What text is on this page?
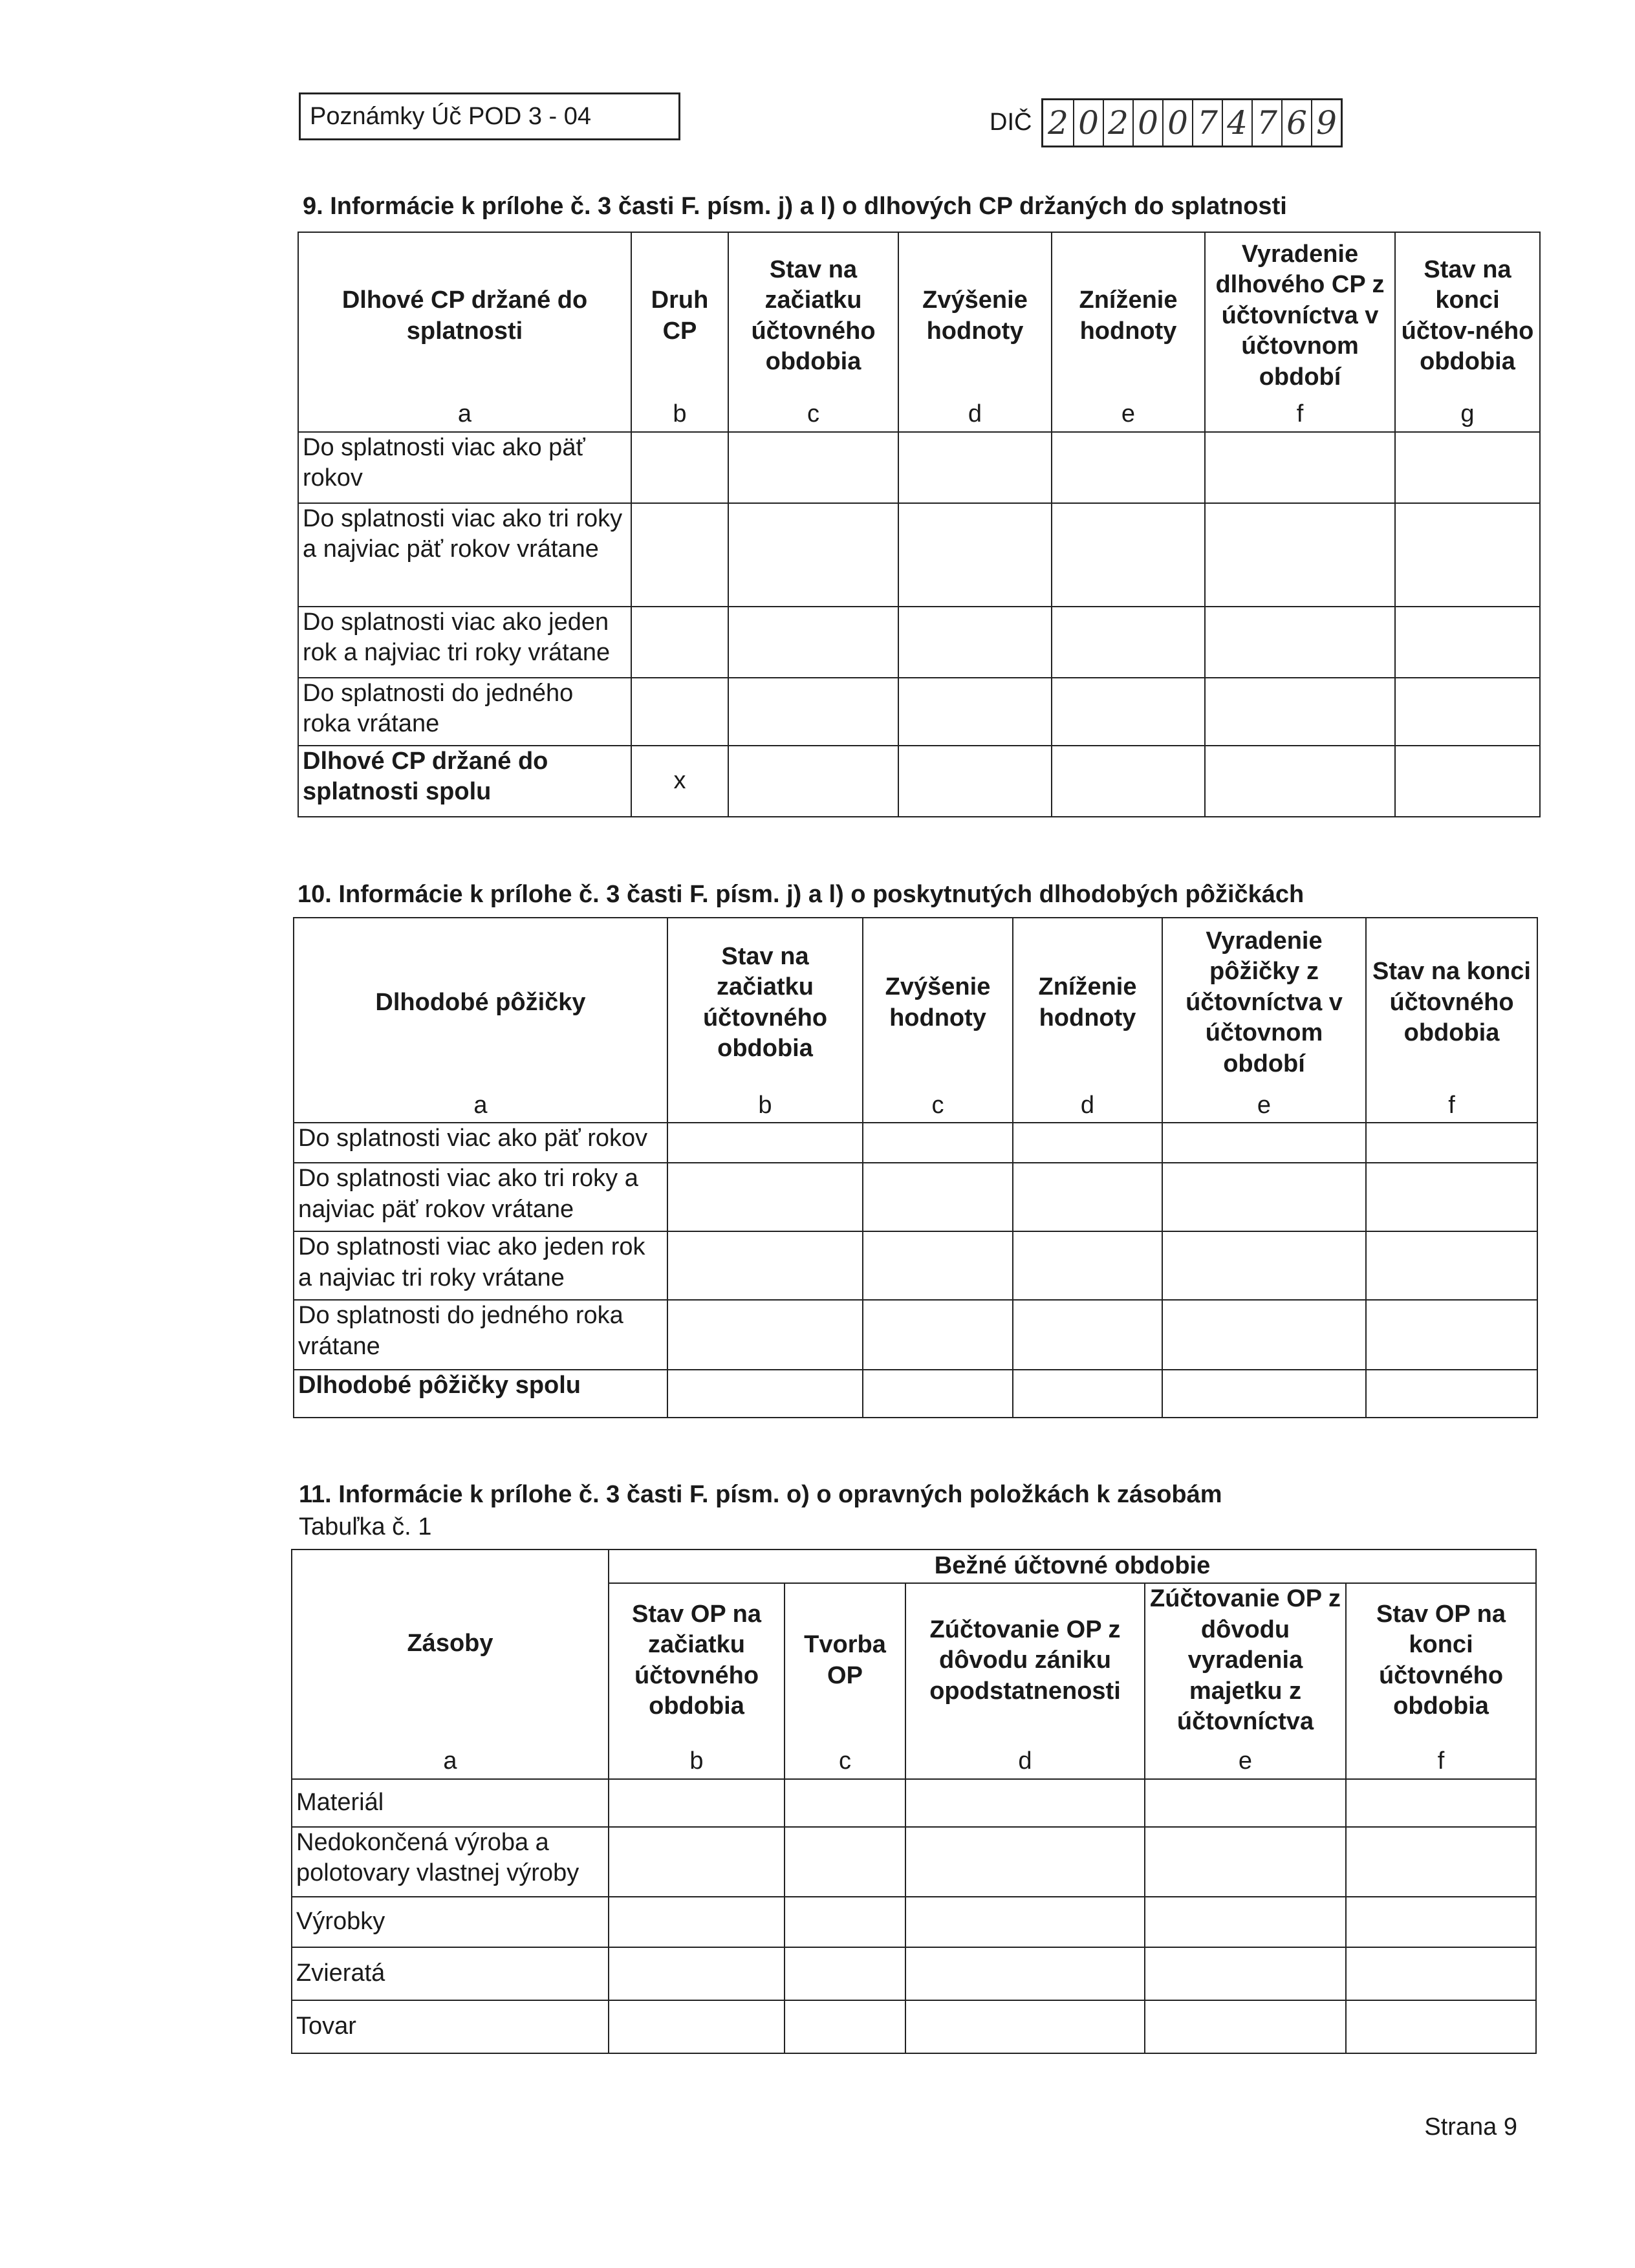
Poznámky Úč POD 3 - 04	DIČ 2 0 2 0 0 7 4 7 6 9
9. Informácie k prílohe č. 3 časti F. písm. j) a l) o dlhových CP držaných do splatnosti
Dlhové CP držané do splatnosti	Druh CP	Stav na začiatku účtovného obdobia	Zvýšenie hodnoty	Zníženie hodnoty	Vyradenie dlhového CP z účtovníctva v účtovnom období	Stav na konci účtov-ného obdobia
a	b	c	d	e	f	g
Do splatnosti viac ako päť rokov						
Do splatnosti viac ako tri roky a najviac päť rokov vrátane						
Do splatnosti viac ako jeden rok a najviac tri roky vrátane						
Do splatnosti do jedného roka vrátane						
Dlhové CP držané do splatnosti spolu	x					
10. Informácie k prílohe č. 3 časti F. písm. j) a l) o poskytnutých dlhodobých pôžičkách
Dlhodobé pôžičky	Stav na začiatku účtovného obdobia	Zvýšenie hodnoty	Zníženie hodnoty	Vyradenie pôžičky z účtovníctva v účtovnom období	Stav na konci účtovného obdobia
a	b	c	d	e	f
Do splatnosti viac ako päť rokov					
Do splatnosti viac ako tri roky a najviac päť rokov vrátane					
Do splatnosti viac ako jeden rok a najviac tri roky vrátane					
Do splatnosti do jedného roka vrátane					
Dlhodobé pôžičky spolu					
11. Informácie k prílohe č. 3 časti F. písm. o) o opravných položkách k zásobám
Tabuľka č. 1
Zásoby	Bežné účtovné obdobie				
	Stav OP na začiatku účtovného obdobia	Tvorba OP	Zúčtovanie OP z dôvodu zániku opodstatnenosti	Zúčtovanie OP z dôvodu vyradenia majetku z účtovníctva	Stav OP na konci účtovného obdobia
a	b	c	d	e	f
Materiál					
Nedokončená výroba a polotovary vlastnej výroby					
Výrobky					
Zvieratá					
Tovar					
Strana 9
